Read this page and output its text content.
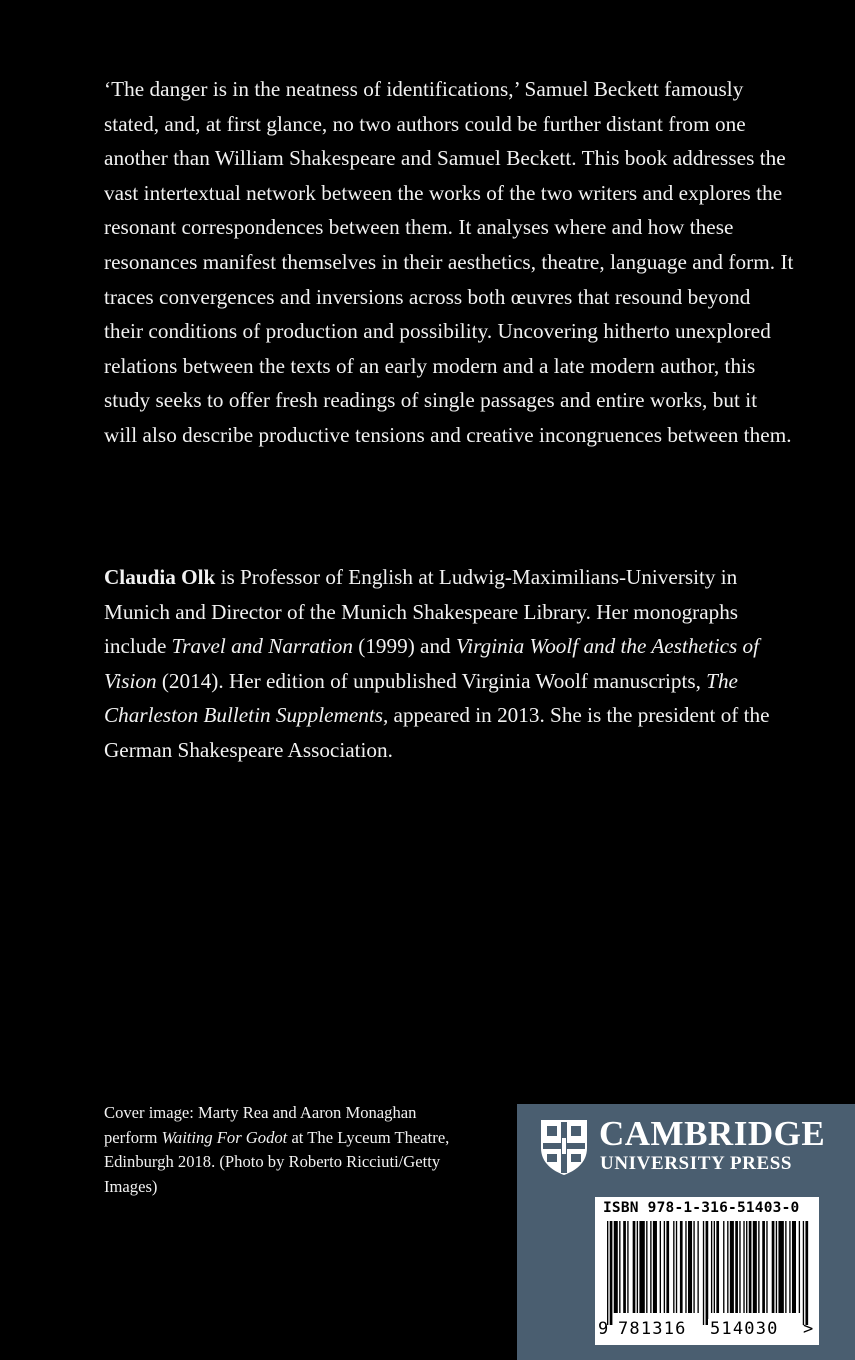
‘The danger is in the neatness of identifications,’ Samuel Beckett famously stated, and, at first glance, no two authors could be further distant from one another than William Shakespeare and Samuel Beckett. This book addresses the vast intertextual network between the works of the two writers and explores the resonant correspondences between them. It analyses where and how these resonances manifest themselves in their aesthetics, theatre, language and form. It traces convergences and inversions across both œuvres that resound beyond their conditions of production and possibility. Uncovering hitherto unexplored relations between the texts of an early modern and a late modern author, this study seeks to offer fresh readings of single passages and entire works, but it will also describe productive tensions and creative incongruences between them.

Claudia Olk is Professor of English at Ludwig-Maximilians-University in Munich and Director of the Munich Shakespeare Library. Her monographs include Travel and Narration (1999) and Virginia Woolf and the Aesthetics of Vision (2014). Her edition of unpublished Virginia Woolf manuscripts, The Charleston Bulletin Supplements, appeared in 2013. She is the president of the German Shakespeare Association.

Cover image: Marty Rea and Aaron Monaghan perform Waiting For Godot at The Lyceum Theatre, Edinburgh 2018. (Photo by Roberto Ricciuti/Getty Images)

CAMBRIDGE

UNIVERSITY PRESS

ISBN 978-1-316-51403-0

9 781316 514030 >
